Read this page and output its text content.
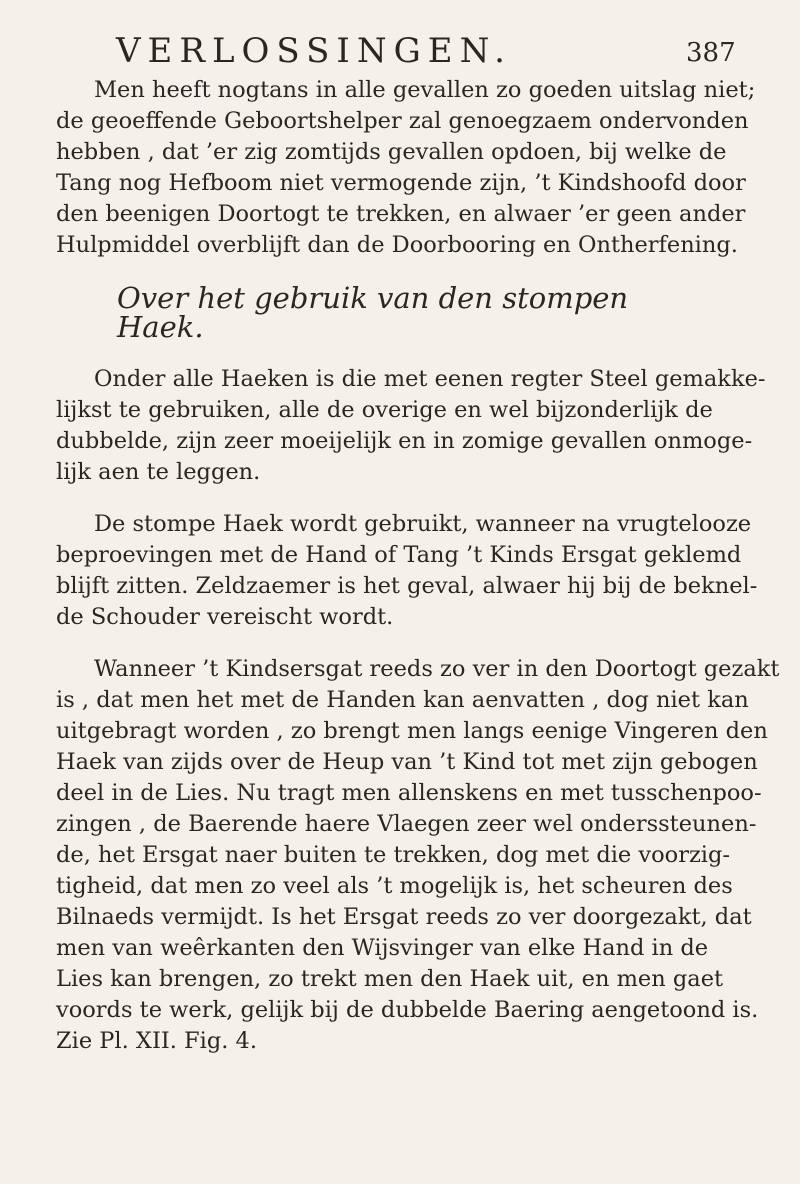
VERLOSSINGEN.	387
Men heeft nogtans in alle gevallen zo goeden uitslag niet;
de geoeffende Geboortshelper zal genoegzaem ondervonden
hebben , dat ’er zig zomtijds gevallen opdoen, bij welke de
Tang nog Hefboom niet vermogende zijn, ’t Kindshoofd door
den beenigen Doortogt te trekken, en alwaer ’er geen ander
Hulpmiddel overblijft dan de Doorbooring en Ontherfening.
Over het gebruik van den stompen Haek.
Onder alle Haeken is die met eenen regter Steel gemakke-
lijkst te gebruiken, alle de overige en wel bijzonderlijk de
dubbelde, zijn zeer moeijelijk en in zomige gevallen onmoge-
lijk aen te leggen.
De stompe Haek wordt gebruikt, wanneer na vrugtelooze
beproevingen met de Hand of Tang ’t Kinds Ersgat geklemd
blijft zitten. Zeldzaemer is het geval, alwaer hij bij de beknel-
de Schouder vereischt wordt.
Wanneer ’t Kindsersgat reeds zo ver in den Doortogt gezakt
is , dat men het met de Handen kan aenvatten , dog niet kan
uitgebragt worden , zo brengt men langs eenige Vingeren den
Haek van zijds over de Heup van ’t Kind tot met zijn gebogen
deel in de Lies. Nu tragt men allenskens en met tusschenpoo-
zingen , de Baerende haere Vlaegen zeer wel onderssteunen-
de, het Ersgat naer buiten te trekken, dog met die voorzig-
tigheid, dat men zo veel als ’t mogelijk is, het scheuren des
Bilnaeds vermijdt. Is het Ersgat reeds zo ver doorgezakt, dat
men van weêrkanten den Wijsvinger van elke Hand in de
Lies kan brengen, zo trekt men den Haek uit, en men gaet
voords te werk, gelijk bij de dubbelde Baering aengetoond is.
Zie Pl. XII. Fig. 4.
